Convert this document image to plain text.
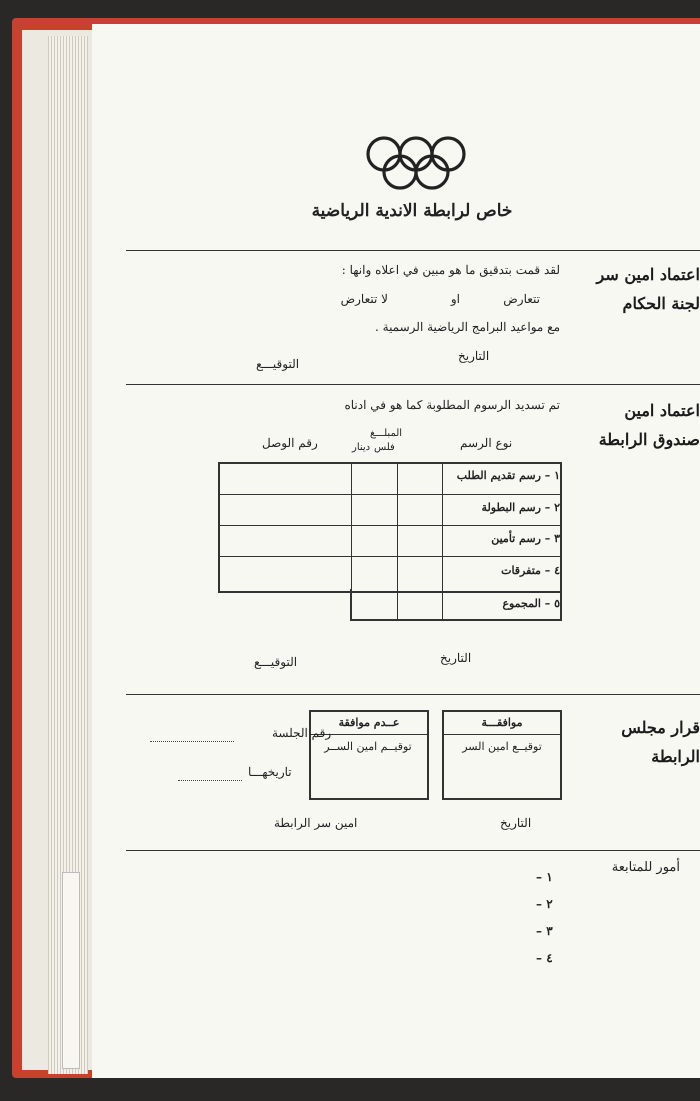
خاص لرابطة الاندية الرياضية
اعتماد امين سر
لجنة الحكام
لقد قمت بتدقيق ما هو مبين في اعلاه وانها :
تتعارض
او
لا تتعارض
مع مواعيد البرامج الرياضية الرسمية .
التاريخ
التوقيـــع
اعتماد امين
صندوق الرابطة
تم تسديد الرسوم المطلوبة كما هو في ادناه
نوع الرسم
المبلـــغ
فلس
دينار
رقم الوصل
١ – رسم تقديم الطلب
٢ – رسم البطولة
٣ – رسم تأمين
٤ – متفرقات
٥ – المجموع
التاريخ
التوقيـــع
قرار مجلس
الرابطة
موافقـــة
توقيــع امين السر
عــدم موافقة
توقيــم امين الســر
رقم الجلسة
تاريخهـــا
التاريخ
امين سر الرابطة
أمور للمتابعة
١ –
٢ –
٣ –
٤ –
